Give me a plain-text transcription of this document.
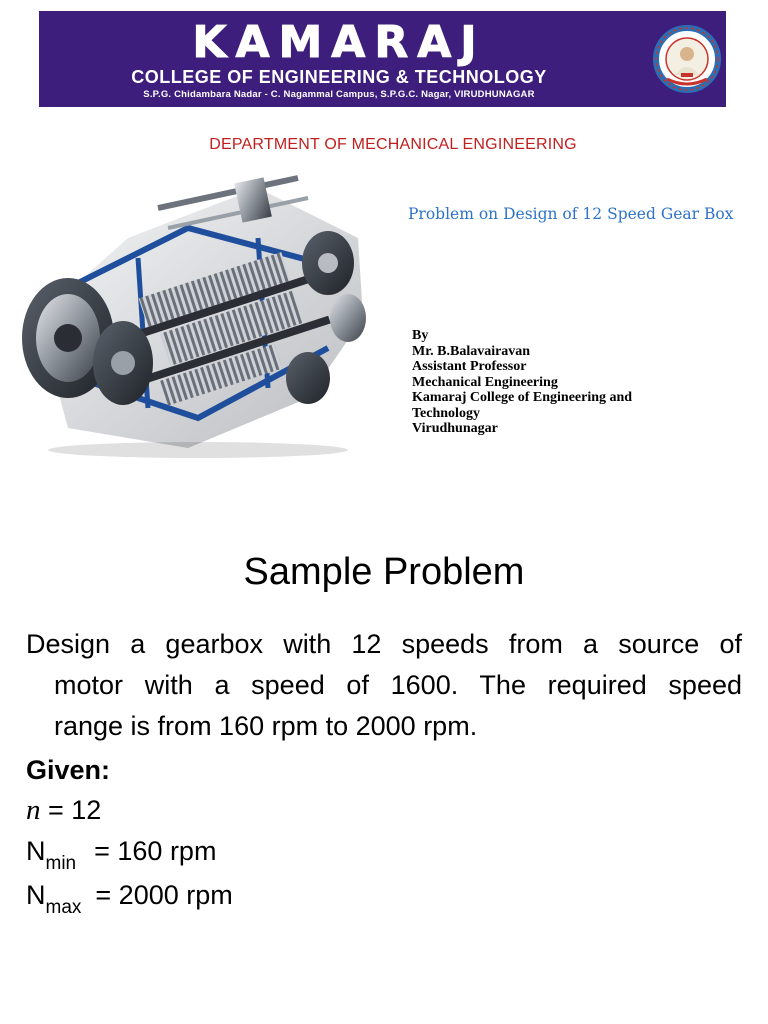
KAMARAJ
COLLEGE OF ENGINEERING & TECHNOLOGY
S.P.G. Chidambara Nadar - C. Nagammal Campus, S.P.G.C. Nagar, VIRUDHUNAGAR
DEPARTMENT OF MECHANICAL ENGINEERING
Problem on Design of 12 Speed Gear Box
By
Mr. B.Balavairavan
Assistant Professor
Mechanical Engineering
Kamaraj College of Engineering and
Technology
Virudhunagar
Sample Problem
Design a gearbox with 12 speeds from a source of
motor with a speed of 1600. The required speed
range is from 160 rpm to 2000 rpm.
Given:
n = 12
$N_{min} = 160$ rpm
$N_{max} = 2000$ rpm
